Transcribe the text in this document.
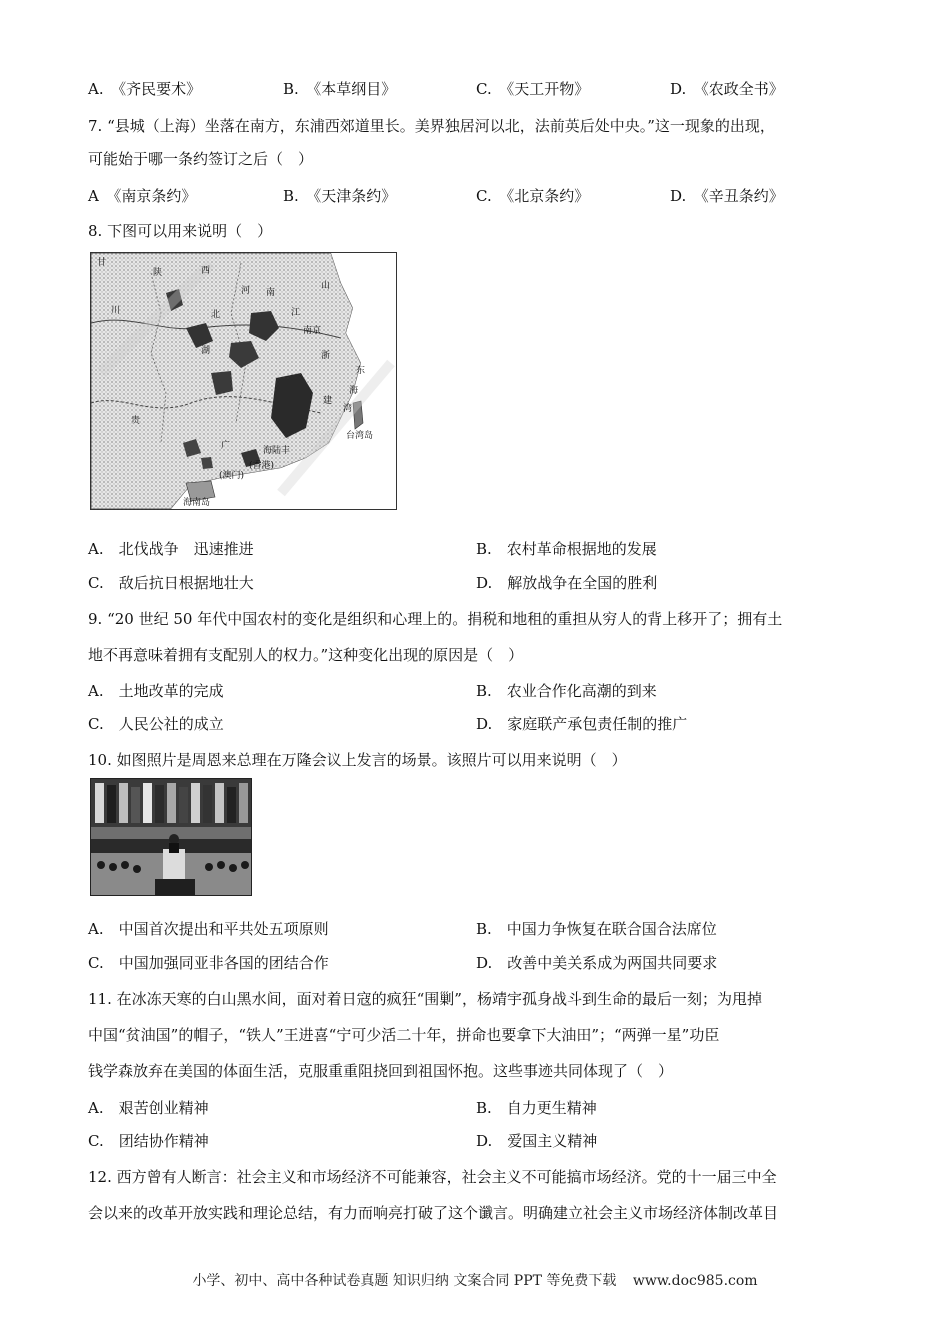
A.　《齐民要术》	B.　《本草纲目》	C.　《天工开物》	D.　《农政全书》
7. “县城（上海）坐落在南方，东浦西郊道里长。美界独居河以北，法前英后处中央。”这一现象的出现，
可能始于哪一条约签订之后（　）
A　《南京条约》	B.　《天津条约》	C.　《北京条约》	D.　《辛丑条约》
8. 下图可以用来说明（　）
甘
陕	西
河 南
山
川	北
湖
江
南京
浙
东
建
海
湾
广	海陆丰
海南岛
台湾岛
贵
(香港)
(澳门)
A.　北伐战争　迅速推进	B.　农村革命根据地的发展
C.　敌后抗日根据地壮大	D.　解放战争在全国的胜利
9. “20 世纪 50 年代中国农村的变化是组织和心理上的。捐税和地租的重担从穷人的背上移开了；拥有土
地不再意味着拥有支配别人的权力。”这种变化出现的原因是（　）
A.　土地改革的完成	B.　农业合作化高潮的到来
C.　人民公社的成立	D.　家庭联产承包责任制的推广
10. 如图照片是周恩来总理在万隆会议上发言的场景。该照片可以用来说明（　）
A.　中国首次提出和平共处五项原则	B.　中国力争恢复在联合国合法席位
C.　中国加强同亚非各国的团结合作	D.　改善中美关系成为两国共同要求
11. 在冰冻天寒的白山黑水间，面对着日寇的疯狂“围剿”，杨靖宇孤身战斗到生命的最后一刻；为甩掉
中国“贫油国”的帽子，“铁人”王进喜“宁可少活二十年，拼命也要拿下大油田”；“两弹一星”功臣
钱学森放弃在美国的体面生活，克服重重阻挠回到祖国怀抱。这些事迹共同体现了（　）
A.　艰苦创业精神	B.　自力更生精神
C.　团结协作精神	D.　爱国主义精神
12. 西方曾有人断言：社会主义和市场经济不可能兼容，社会主义不可能搞市场经济。党的十一届三中全
会以来的改革开放实践和理论总结，有力而响亮打破了这个谶言。明确建立社会主义市场经济体制改革目
小学、初中、高中各种试卷真题 知识归纳 文案合同 PPT 等免费下载 www.doc985.com
